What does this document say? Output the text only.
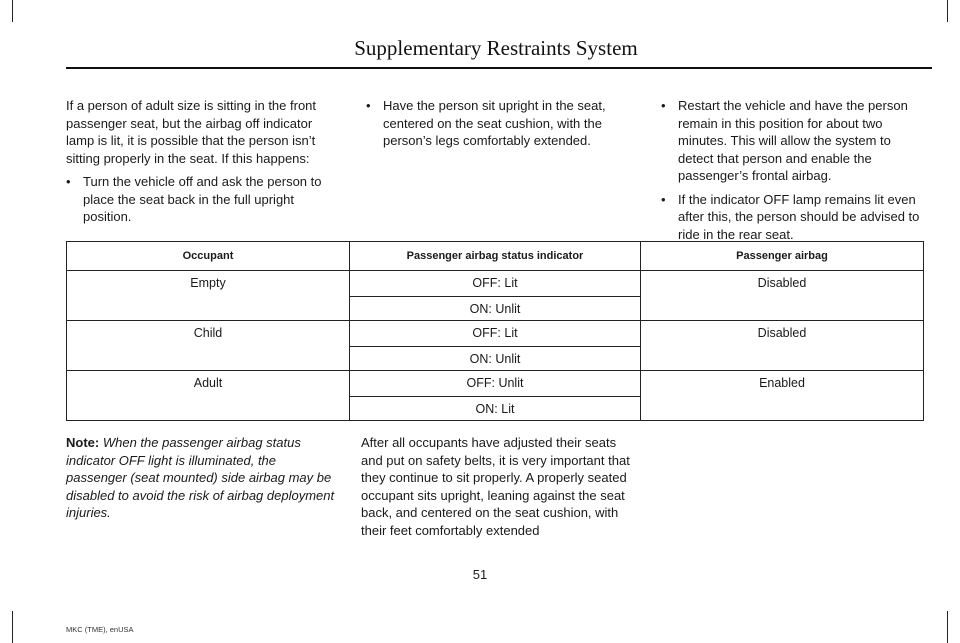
Supplementary Restraints System

If a person of adult size is sitting in the front passenger seat, but the airbag off indicator lamp is lit, it is possible that the person isn’t sitting properly in the seat. If this happens:

• Turn the vehicle off and ask the person to place the seat back in the full upright position.
• Have the person sit upright in the seat, centered on the seat cushion, with the person’s legs comfortably extended.
• Restart the vehicle and have the person remain in this position for about two minutes. This will allow the system to detect that person and enable the passenger’s frontal airbag.
• If the indicator OFF lamp remains lit even after this, the person should be advised to ride in the rear seat.
Occupant	Passenger airbag status indicator	Passenger airbag
Empty	OFF: Lit	Disabled
	ON: Unlit	
Child	OFF: Lit	Disabled
	ON: Unlit	
Adult	OFF: Unlit	Enabled
	ON: Lit	
Note: When the passenger airbag status indicator OFF light is illuminated, the passenger (seat mounted) side airbag may be disabled to avoid the risk of airbag deployment injuries.
After all occupants have adjusted their seats and put on safety belts, it is very important that they continue to sit properly. A properly seated occupant sits upright, leaning against the seat back, and centered on the seat cushion, with their feet comfortably extended
51
MKC (TME), enUSA
